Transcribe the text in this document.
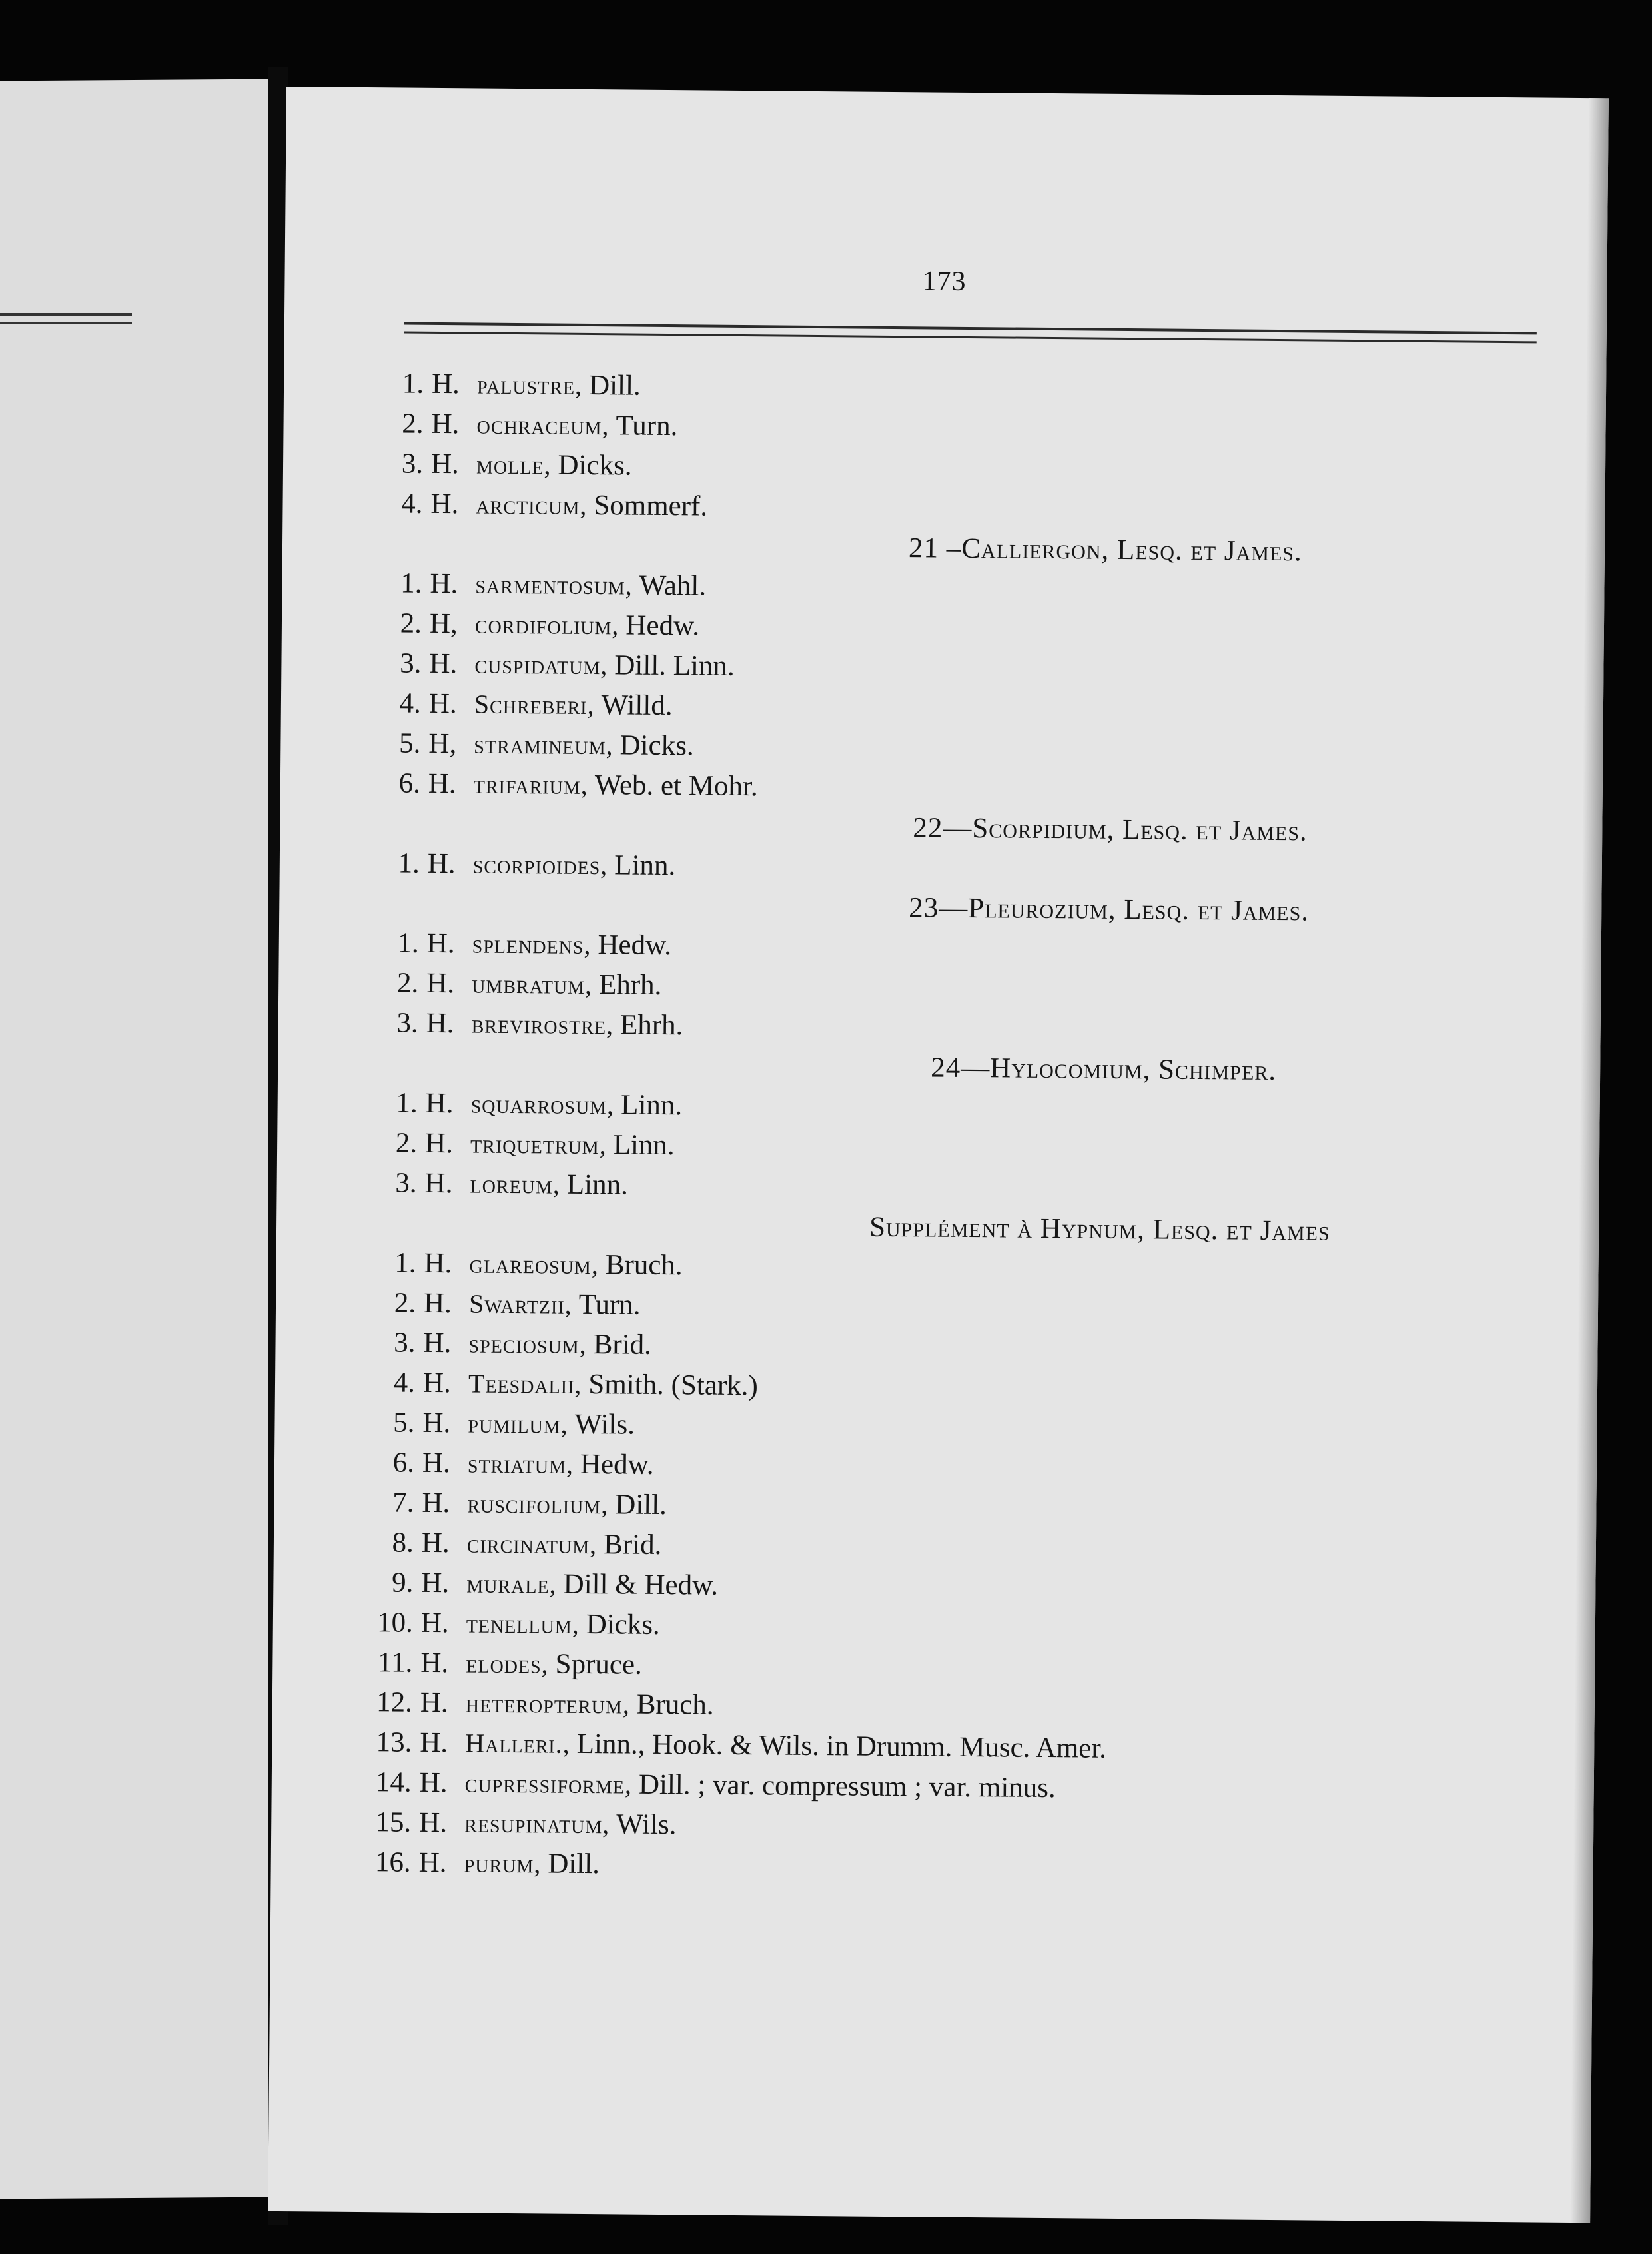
173
1. H. palustre, Dill.
2. H. ochraceum, Turn.
3. H. molle, Dicks.
4. H. arcticum, Sommerf.
21 –Calliergon, Lesq. et James.
1. H. sarmentosum, Wahl.
2. H, cordifolium, Hedw.
3. H. cuspidatum, Dill. Linn.
4. H. Schreberi, Willd.
5. H, stramineum, Dicks.
6. H. trifarium, Web. et Mohr.
22—Scorpidium, Lesq. et James.
1. H. scorpioides, Linn.
23—Pleurozium, Lesq. et James.
1. H. splendens, Hedw.
2. H. umbratum, Ehrh.
3. H. brevirostre, Ehrh.
24—Hylocomium, Schimper.
1. H. squarrosum, Linn.
2. H. triquetrum, Linn.
3. H. loreum, Linn.
Supplément à Hypnum, Lesq. et James
1. H. glareosum, Bruch.
2. H. Swartzii, Turn.
3. H. speciosum, Brid.
4. H. Teesdalii, Smith. (Stark.)
5. H. pumilum, Wils.
6. H. striatum, Hedw.
7. H. ruscifolium, Dill.
8. H. circinatum, Brid.
9. H. murale, Dill & Hedw.
10. H. tenellum, Dicks.
11. H. elodes, Spruce.
12. H. heteropterum, Bruch.
13. H. Halleri., Linn., Hook. & Wils. in Drumm. Musc. Amer.
14. H. cupressiforme, Dill. ; var. compressum ; var. minus.
15. H. resupinatum, Wils.
16. H. purum, Dill.
